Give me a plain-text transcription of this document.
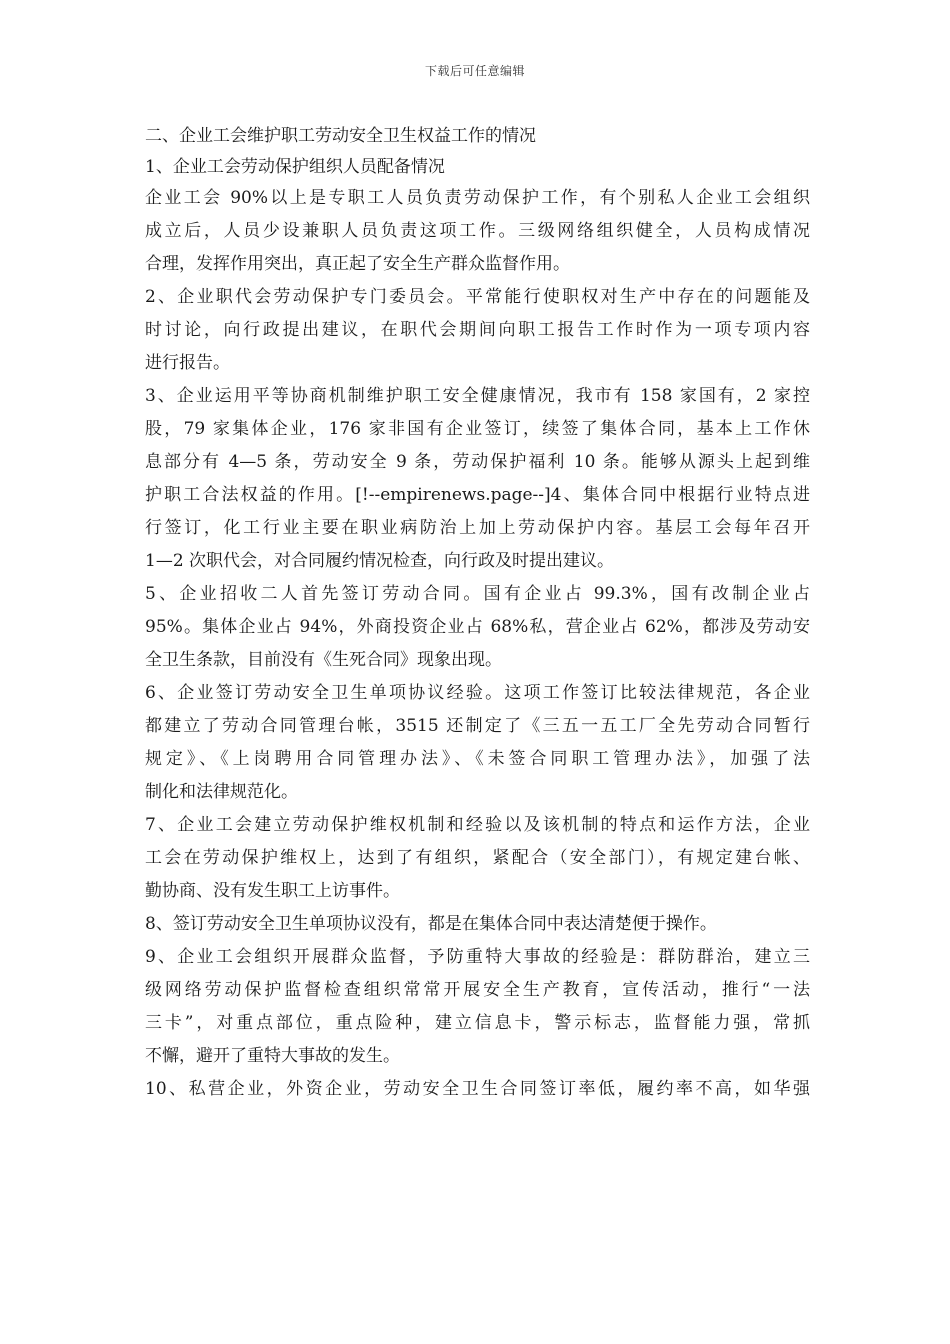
下载后可任意编辑

二、企业工会维护职工劳动安全卫生权益工作的情况

1、企业工会劳动保护组织人员配备情况

企业工会 90%以上是专职工人员负责劳动保护工作，有个别私人企业工会组织

成立后，人员少设兼职人员负责这项工作。三级网络组织健全，人员构成情况

合理，发挥作用突出，真正起了安全生产群众监督作用。

2、企业职代会劳动保护专门委员会。平常能行使职权对生产中存在的问题能及

时讨论，向行政提出建议，在职代会期间向职工报告工作时作为一项专项内容

进行报告。

3、企业运用平等协商机制维护职工安全健康情况，我市有 158 家国有，2 家控

股，79 家集体企业，176 家非国有企业签订，续签了集体合同，基本上工作休

息部分有 4—5 条，劳动安全 9 条，劳动保护福利 10 条。能够从源头上起到维

护职工合法权益的作用。[!--empirenews.page--]4、集体合同中根据行业特点进

行签订，化工行业主要在职业病防治上加上劳动保护内容。基层工会每年召开

1—2 次职代会，对合同履约情况检查，向行政及时提出建议。

5、企业招收二人首先签订劳动合同。国有企业占 99.3%，国有改制企业占

95%。集体企业占 94%，外商投资企业占 68%私，营企业占 62%，都涉及劳动安

全卫生条款，目前没有《生死合同》现象出现。

6、企业签订劳动安全卫生单项协议经验。这项工作签订比较法律规范，各企业

都建立了劳动合同管理台帐，3515 还制定了《三五一五工厂全先劳动合同暂行

规定》、《上岗聘用合同管理办法》、《未签合同职工管理办法》，加强了法

制化和法律规范化。

7、企业工会建立劳动保护维权机制和经验以及该机制的特点和运作方法，企业

工会在劳动保护维权上，达到了有组织，紧配合（安全部门），有规定建台帐、

勤协商、没有发生职工上访事件。

8、签订劳动安全卫生单项协议没有，都是在集体合同中表达清楚便于操作。

9、企业工会组织开展群众监督，予防重特大事故的经验是：群防群治，建立三

级网络劳动保护监督检查组织常常开展安全生产教育，宣传活动，推行“一法

三卡”，对重点部位，重点险种，建立信息卡，警示标志，监督能力强，常抓

不懈，避开了重特大事故的发生。

10、私营企业，外资企业，劳动安全卫生合同签订率低，履约率不高，如华强
